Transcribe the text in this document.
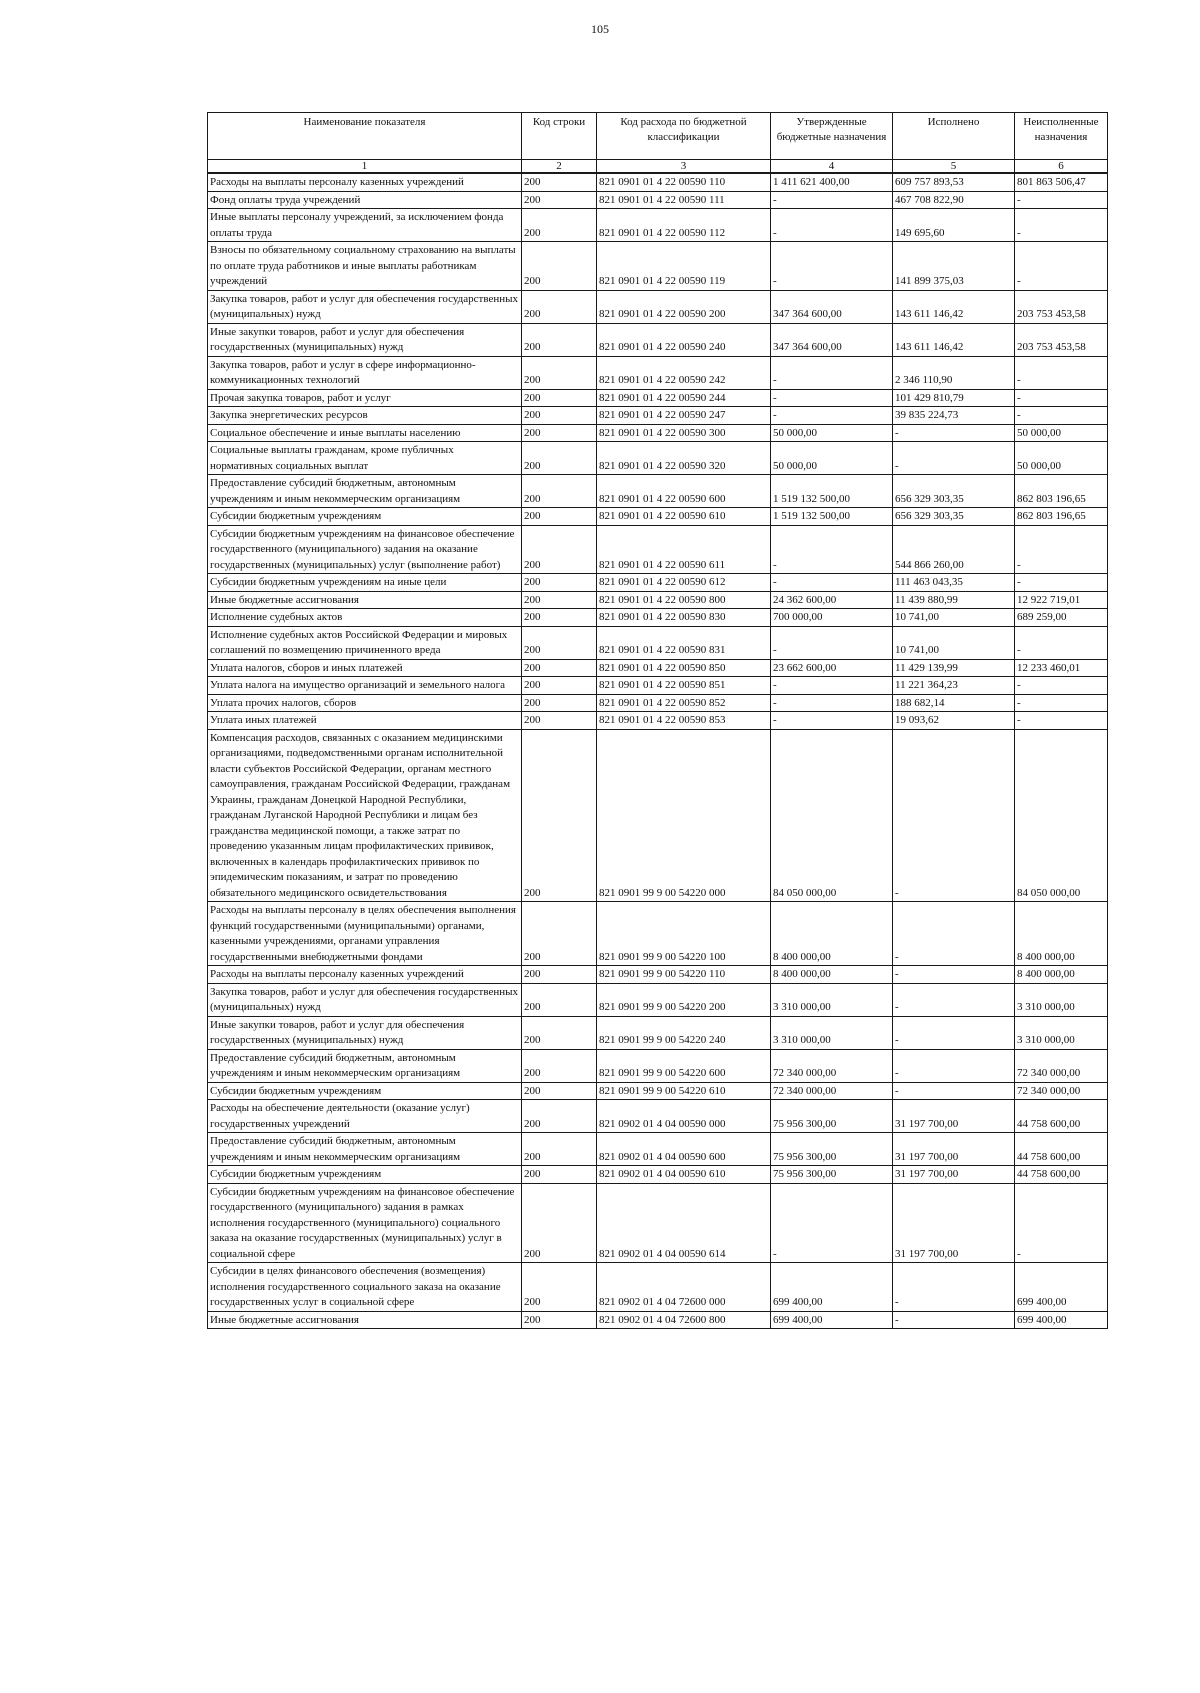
105
Наименование показателя	Код строки	Код расхода по бюджетной классификации	Утвержденные бюджетные назначения	Исполнено	Неисполненные назначения
1	2	3	4	5	6
Расходы на выплаты персоналу казенных учреждений	200	821 0901 01 4 22 00590 110	1 411 621 400,00	609 757 893,53	801 863 506,47
Фонд оплаты труда учреждений	200	821 0901 01 4 22 00590 111	-	467 708 822,90	-
Иные выплаты персоналу учреждений, за исключением фонда оплаты труда	200	821 0901 01 4 22 00590 112	-	149 695,60	-
Взносы по обязательному социальному страхованию на выплаты по оплате труда работников и иные выплаты работникам учреждений	200	821 0901 01 4 22 00590 119	-	141 899 375,03	-
Закупка товаров, работ и услуг для обеспечения государственных (муниципальных) нужд	200	821 0901 01 4 22 00590 200	347 364 600,00	143 611 146,42	203 753 453,58
Иные закупки товаров, работ и услуг для обеспечения государственных (муниципальных) нужд	200	821 0901 01 4 22 00590 240	347 364 600,00	143 611 146,42	203 753 453,58
Закупка товаров, работ и услуг в сфере информационно-коммуникационных технологий	200	821 0901 01 4 22 00590 242	-	2 346 110,90	-
Прочая закупка товаров, работ и услуг	200	821 0901 01 4 22 00590 244	-	101 429 810,79	-
Закупка энергетических ресурсов	200	821 0901 01 4 22 00590 247	-	39 835 224,73	-
Социальное обеспечение и иные выплаты населению	200	821 0901 01 4 22 00590 300	50 000,00	-	50 000,00
Социальные выплаты гражданам, кроме публичных нормативных социальных выплат	200	821 0901 01 4 22 00590 320	50 000,00	-	50 000,00
Предоставление субсидий бюджетным, автономным учреждениям и иным некоммерческим организациям	200	821 0901 01 4 22 00590 600	1 519 132 500,00	656 329 303,35	862 803 196,65
Субсидии бюджетным учреждениям	200	821 0901 01 4 22 00590 610	1 519 132 500,00	656 329 303,35	862 803 196,65
Субсидии бюджетным учреждениям на финансовое обеспечение государственного (муниципального) задания на оказание государственных (муниципальных) услуг (выполнение работ)	200	821 0901 01 4 22 00590 611	-	544 866 260,00	-
Субсидии бюджетным учреждениям на иные цели	200	821 0901 01 4 22 00590 612	-	111 463 043,35	-
Иные бюджетные ассигнования	200	821 0901 01 4 22 00590 800	24 362 600,00	11 439 880,99	12 922 719,01
Исполнение судебных актов	200	821 0901 01 4 22 00590 830	700 000,00	10 741,00	689 259,00
Исполнение судебных актов Российской Федерации и мировых соглашений по возмещению причиненного вреда	200	821 0901 01 4 22 00590 831	-	10 741,00	-
Уплата налогов, сборов и иных платежей	200	821 0901 01 4 22 00590 850	23 662 600,00	11 429 139,99	12 233 460,01
Уплата налога на имущество организаций и земельного налога	200	821 0901 01 4 22 00590 851	-	11 221 364,23	-
Уплата прочих налогов, сборов	200	821 0901 01 4 22 00590 852	-	188 682,14	-
Уплата иных платежей	200	821 0901 01 4 22 00590 853	-	19 093,62	-
Компенсация расходов, связанных с оказанием медицинскими организациями, подведомственными органам исполнительной власти субъектов Российской Федерации, органам местного самоуправления, гражданам Российской Федерации, гражданам Украины, гражданам Донецкой Народной Республики, гражданам Луганской Народной Республики и лицам без гражданства медицинской помощи, а также затрат по проведению указанным лицам профилактических прививок, включенных в календарь профилактических прививок по эпидемическим показаниям, и затрат по проведению обязательного медицинского освидетельствования	200	821 0901 99 9 00 54220 000	84 050 000,00	-	84 050 000,00
Расходы на выплаты персоналу в целях обеспечения выполнения функций государственными (муниципальными) органами, казенными учреждениями, органами управления государственными внебюджетными фондами	200	821 0901 99 9 00 54220 100	8 400 000,00	-	8 400 000,00
Расходы на выплаты персоналу казенных учреждений	200	821 0901 99 9 00 54220 110	8 400 000,00	-	8 400 000,00
Закупка товаров, работ и услуг для обеспечения государственных (муниципальных) нужд	200	821 0901 99 9 00 54220 200	3 310 000,00	-	3 310 000,00
Иные закупки товаров, работ и услуг для обеспечения государственных (муниципальных) нужд	200	821 0901 99 9 00 54220 240	3 310 000,00	-	3 310 000,00
Предоставление субсидий бюджетным, автономным учреждениям и иным некоммерческим организациям	200	821 0901 99 9 00 54220 600	72 340 000,00	-	72 340 000,00
Субсидии бюджетным учреждениям	200	821 0901 99 9 00 54220 610	72 340 000,00	-	72 340 000,00
Расходы на обеспечение деятельности (оказание услуг) государственных учреждений	200	821 0902 01 4 04 00590 000	75 956 300,00	31 197 700,00	44 758 600,00
Предоставление субсидий бюджетным, автономным учреждениям и иным некоммерческим организациям	200	821 0902 01 4 04 00590 600	75 956 300,00	31 197 700,00	44 758 600,00
Субсидии бюджетным учреждениям	200	821 0902 01 4 04 00590 610	75 956 300,00	31 197 700,00	44 758 600,00
Субсидии бюджетным учреждениям на финансовое обеспечение государственного (муниципального) задания в рамках исполнения государственного (муниципального) социального заказа на оказание государственных (муниципальных) услуг в социальной сфере	200	821 0902 01 4 04 00590 614	-	31 197 700,00	-
Субсидии в целях финансового обеспечения (возмещения) исполнения государственного социального заказа на оказание государственных услуг в социальной сфере	200	821 0902 01 4 04 72600 000	699 400,00	-	699 400,00
Иные бюджетные ассигнования	200	821 0902 01 4 04 72600 800	699 400,00	-	699 400,00
